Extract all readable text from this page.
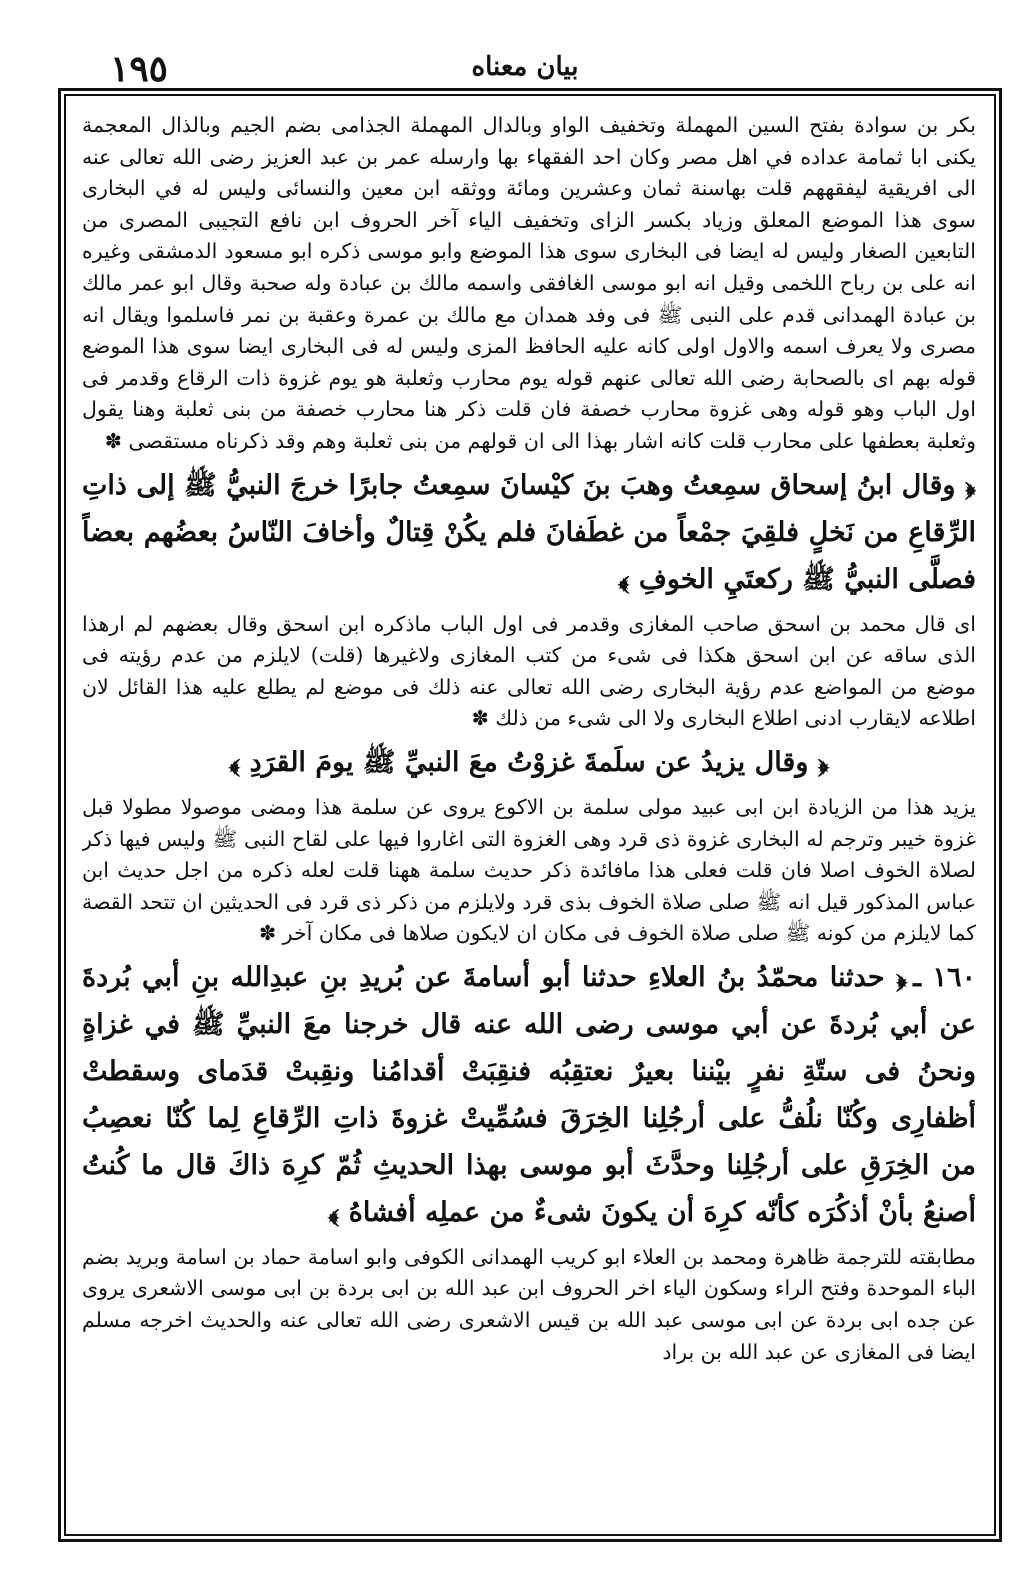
١٩٥	بيان معناه

بكر بن سوادة بفتح السين المهملة وتخفيف الواو وبالدال المهملة الجذامى بضم الجيم وبالذال المعجمة يكنى ابا ثمامة عداده في اهل مصر وكان احد الفقهاء بها وارسله عمر بن عبد العزيز رضى الله تعالى عنه الى افريقية ليفقههم قلت بهاسنة ثمان وعشرين ومائة ووثقه ابن معين والنسائى وليس له في البخارى سوى هذا الموضع المعلق وزياد بكسر الزاى وتخفيف الياء آخر الحروف ابن نافع التجيبى المصرى من التابعين الصغار وليس له ايضا فى البخارى سوى هذا الموضع وابو موسى ذكره ابو مسعود الدمشقى وغيره انه على بن رباح اللخمى وقيل انه ابو موسى الغافقى واسمه مالك بن عبادة وله صحبة وقال ابو عمر مالك بن عبادة الهمدانى قدم على النبى ﷺ فى وفد همدان مع مالك بن عمرة وعقبة بن نمر فاسلموا ويقال انه مصرى ولا يعرف اسمه والاول اولى كانه عليه الحافظ المزى وليس له فى البخارى ايضا سوى هذا الموضع قوله بهم اى بالصحابة رضى الله تعالى عنهم قوله يوم محارب وثعلبة هو يوم غزوة ذات الرقاع وقدمر فى اول الباب وهو قوله وهى غزوة محارب خصفة فان قلت ذكر هنا محارب خصفة من بنى ثعلبة وهنا يقول وثعلبة بعطفها على محارب قلت كانه اشار بهذا الى ان قولهم من بنى ثعلبة وهم وقد ذكرناه مستقصى ✽

﴿ وقال ابنُ إسحاق سمِعتُ وهبَ بنَ كيْسانَ سمِعتُ جابرًا خرجَ النبيُّ ﷺ إلى ذاتِ الرِّقاعِ من نَخلٍ فلقِيَ جمْعاً من غطَفانَ فلم يكُنْ قِتالٌ وأخافَ النّاسُ بعضُهم بعضاً فصلَّى النبيُّ ﷺ ركعتَيِ الخوفِ ﴾

اى قال محمد بن اسحق صاحب المغازى وقدمر فى اول الباب ماذكره ابن اسحق وقال بعضهم لم ارهذا الذى ساقه عن ابن اسحق هكذا فى شىء من كتب المغازى ولاغيرها (قلت) لايلزم من عدم رؤيته فى موضع من المواضع عدم رؤية البخارى رضى الله تعالى عنه ذلك فى موضع لم يطلع عليه هذا القائل لان اطلاعه لايقارب ادنى اطلاع البخارى ولا الى شىء من ذلك ✽

﴿ وقال يزيدُ عن سلَمةَ غزوْتُ معَ النبيِّ ﷺ يومَ القرَدِ ﴾

يزيد هذا من الزيادة ابن ابى عبيد مولى سلمة بن الاكوع يروى عن سلمة هذا ومضى موصولا مطولا قبل غزوة خيبر وترجم له البخارى غزوة ذى قرد وهى الغزوة التى اغاروا فيها على لقاح النبى ﷺ وليس فيها ذكر لصلاة الخوف اصلا فان قلت فعلى هذا مافائدة ذكر حديث سلمة ههنا قلت لعله ذكره من اجل حديث ابن عباس المذكور قيل انه ﷺ صلى صلاة الخوف بذى قرد ولايلزم من ذكر ذى قرد فى الحديثين ان تتحد القصة كما لايلزم من كونه ﷺ صلى صلاة الخوف فى مكان ان لايكون صلاها فى مكان آخر ✽

١٦٠ ـ﴿ حدثنا محمّدُ بنُ العلاءِ حدثنا أبو أسامةَ عن بُريدِ بنِ عبدِالله بنِ أبي بُردةَ عن أبي بُردةَ عن أبي موسى رضى الله عنه قال خرجنا معَ النبيِّ ﷺ في غزاةٍ ونحنُ فى ستّةِ نفرٍ بيْننا بعيرٌ نعتقِبُه فنقِبَتْ أقدامُنا ونقِبتْ قدَماى وسقطتْ أظفارِى وكُنّا نلُفُّ على أرجُلِنا الخِرَقَ فسُمِّيتْ غزوةَ ذاتِ الرِّقاعِ لِما كُنّا نعصِبُ من الخِرَقِ على أرجُلِنا وحدَّثَ أبو موسى بهذا الحديثِ ثُمّ كرِهَ ذاكَ قال ما كُنتُ أصنعُ بأنْ أذكُرَه كأنّه كرِهَ أن يكونَ شىءٌ من عملِه أفشاهُ ﴾

مطابقته للترجمة ظاهرة ومحمد بن العلاء ابو كريب الهمدانى الكوفى وابو اسامة حماد بن اسامة وبريد بضم الباء الموحدة وفتح الراء وسكون الياء اخر الحروف ابن عبد الله بن ابى بردة بن ابى موسى الاشعرى يروى عن جده ابى بردة عن ابى موسى عبد الله بن قيس الاشعرى رضى الله تعالى عنه والحديث اخرجه مسلم ايضا فى المغازى عن عبد الله بن براد
